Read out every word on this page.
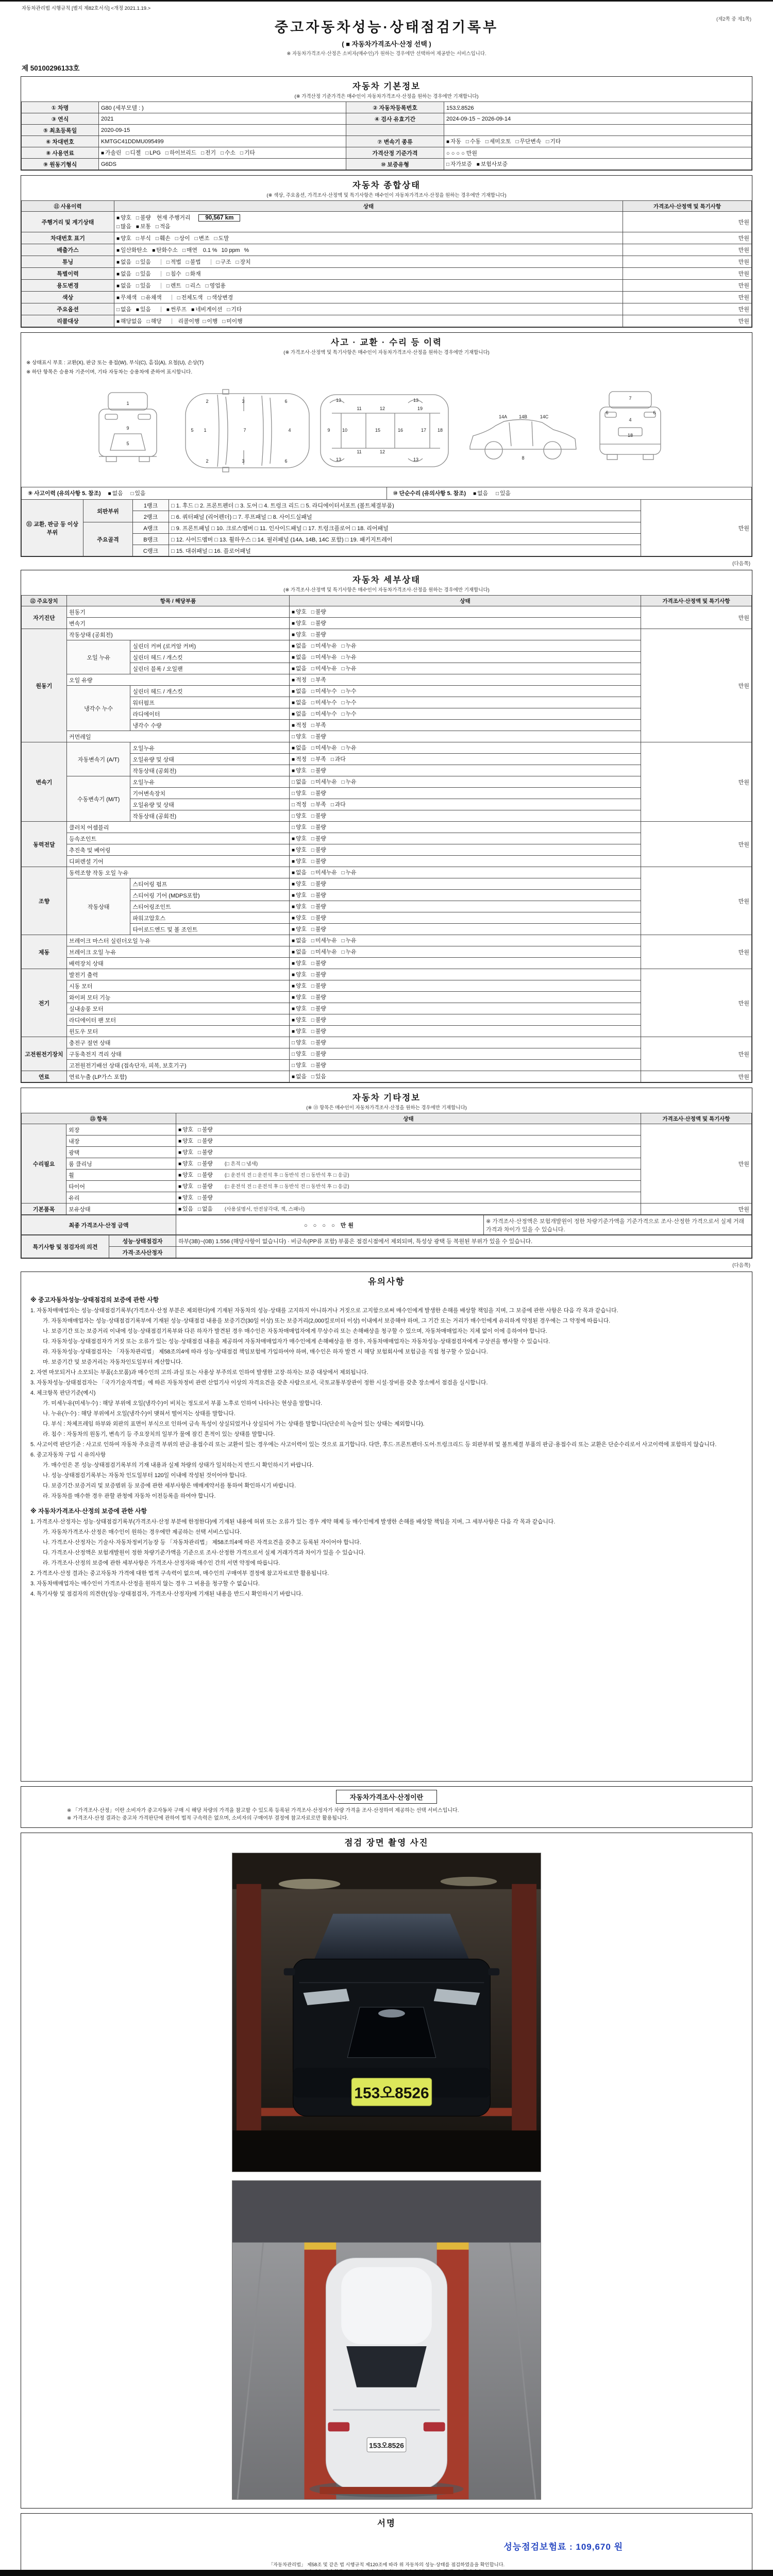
자동차관리법 시행규칙 [별지 제82호서식] <개정 2021.1.19.>
(제2쪽 중 제1쪽)
중고자동차성능·상태점검기록부
( ■ 자동차가격조사·산정 선택 )
※ 자동차가격조사·산정은 소비자(매수인)가 원하는 경우에만 선택하여 제공받는 서비스입니다.
제 50100296133호
자동차 기본정보
(※ 가격산정 기준가격은 매수인이 자동차가격조사·산정을 원하는 경우에만 기재합니다)
① 차명	G80 (세부모델 : )	② 자동차등록번호	153오8526
③ 연식	2021	④ 검사 유효기간	2024-09-15 ~ 2026-09-14
⑤ 최초등록일	2020-09-15		
⑥ 차대번호	KMTGC41DDMU095499	⑦ 변속기 종류	■ 자동 □ 수동 □ 세미오토 □ 무단변속 □ 기타
⑧ 사용연료	■ 가솔린 □ 디젤 □ LPG □ 하이브리드 □ 전기 □ 수소 □ 기타	가격산정 기준가격	○ ○ ○ ○ 만원
⑨ 원동기형식	G6DS	⑩ 보증유형	□ 자가보증 ■ 보험사보증
자동차 종합상태
(※ 색상, 주요옵션, 가격조사·산정액 및 특기사항은 매수인이 자동차가격조사·산정을 원하는 경우에만 기재합니다)
⑪ 사용이력	상태	가격조사·산정액 및 특기사항
주행거리 및 계기상태	■ 양호 □ 불량 현재 주행거리 90,567 km
□ 많음 ■ 보통 □ 적음	만원
차대번호 표기	■ 양호 □ 부식 □ 훼손 □ 상이 □ 변조 □ 도말	만원
배출가스	■ 일산화탄소 ■ 탄화수소 □ 매연 0.1 % 10 ppm %	만원
튜닝	■ 없음 □ 있음 □ 적법 □ 불법 □ 구조 □ 장치	만원
특별이력	■ 없음 □ 있음 □ 침수 □ 화재	만원
용도변경	■ 없음 □ 있음 □ 렌트 □ 리스 □ 영업용	만원
색상	■ 무채색 □ 유채색 □ 전체도색 □ 색상변경	만원
주요옵션	□ 없음 ■ 있음 ■ 썬루프 ■ 네비게이션 □ 기타	만원
리콜대상	■ 해당없음 □ 해당 리콜이행 □ 이행 □ 미이행	만원
사고 · 교환 · 수리 등 이력
(※ 가격조사·산정액 및 특기사항은 매수인이 자동차가격조사·산정을 원하는 경우에만 기재합니다)
※ 상태표시 부호 : 교환(X), 판금 또는 용접(W), 부식(C), 흠집(A), 요철(U), 손상(T)
※ 하단 항목은 승용차 기준이며, 기타 자동차는 승용차에 준하여 표시합니다.
1
9
5
1	7	4
2
2
3
3
6
6
5	9	10
11
11
12
12
13
13
13
13
15	16	17 18
19
14A	14B	14C
8
7
4
18
6	6
⑨ 사고이력 (유의사항 5. 참조) ■ 없음 □ 있음	⑩ 단순수리 (유의사항 5. 참조) ■ 없음 □ 있음
⑪ 교환, 판금 등 이상 부위	외판부위	1랭크	□ 1. 후드 □ 2. 프론트펜더 □ 3. 도어 □ 4. 트렁크 리드 □ 5. 라디에이터서포트 (볼트체결부품)	만원
		2랭크	□ 6. 쿼터패널 (리어펜더) □ 7. 루프패널 □ 8. 사이드실패널	
	주요골격	A랭크	□ 9. 프론트패널 □ 10. 크로스멤버 □ 11. 인사이드패널 □ 17. 트렁크플로어 □ 18. 리어패널	
		B랭크	□ 12. 사이드멤버 □ 13. 휠하우스 □ 14. 필러패널 (14A, 14B, 14C 포함) □ 19. 패키지트레이	
		C랭크	□ 15. 대쉬패널 □ 16. 플로어패널	
(다음쪽)
자동차 세부상태
(※ 가격조사·산정액 및 특기사항은 매수인이 자동차가격조사·산정을 원하는 경우에만 기재합니다)
⑫ 주요장치	항목 / 해당부품		상태	가격조사·산정액 및 특기사항
자기진단	원동기		■ 양호 □ 불량	만원
	변속기		■ 양호 □ 불량	
원동기	작동상태 (공회전)		■ 양호 □ 불량	만원
	오일 누유	실린더 커버 (로커암 커버)	■ 없음 □ 미세누유 □ 누유	
		실린더 헤드 / 개스킷	■ 없음 □ 미세누유 □ 누유	
		실린더 블록 / 오일팬	■ 없음 □ 미세누유 □ 누유	
	오일 유량		■ 적정 □ 부족	
	냉각수 누수	실린더 헤드 / 개스킷	■ 없음 □ 미세누수 □ 누수	
		워터펌프	■ 없음 □ 미세누수 □ 누수	
		라디에이터	■ 없음 □ 미세누수 □ 누수	
		냉각수 수량	■ 적정 □ 부족	
	커먼레일		□ 양호 □ 불량	
변속기	자동변속기 (A/T)	오일누유	■ 없음 □ 미세누유 □ 누유	만원
		오일유량 및 상태	■ 적정 □ 부족 □ 과다	
		작동상태 (공회전)	■ 양호 □ 불량	
	수동변속기 (M/T)	오일누유	□ 없음 □ 미세누유 □ 누유	
		기어변속장치	□ 양호 □ 불량	
		오일유량 및 상태	□ 적정 □ 부족 □ 과다	
		작동상태 (공회전)	□ 양호 □ 불량	
동력전달	클러치 어셈블리		□ 양호 □ 불량	만원
	등속조인트		■ 양호 □ 불량	
	추진축 및 베어링		■ 양호 □ 불량	
	디퍼렌셜 기어		■ 양호 □ 불량	
조향	동력조향 작동 오일 누유		■ 없음 □ 미세누유 □ 누유	만원
	작동상태	스티어링 펌프	■ 양호 □ 불량	
		스티어링 기어 (MDPS포함)	■ 양호 □ 불량	
		스티어링조인트	■ 양호 □ 불량	
		파워고압호스	■ 양호 □ 불량	
		타이로드엔드 및 볼 조인트	■ 양호 □ 불량	
제동	브레이크 마스터 실린더오일 누유		■ 없음 □ 미세누유 □ 누유	만원
	브레이크 오일 누유		■ 없음 □ 미세누유 □ 누유	
	배력장치 상태		■ 양호 □ 불량	
전기	발전기 출력		■ 양호 □ 불량	만원
	시동 모터		■ 양호 □ 불량	
	와이퍼 모터 기능		■ 양호 □ 불량	
	실내송풍 모터		■ 양호 □ 불량	
	라디에이터 팬 모터		■ 양호 □ 불량	
	윈도우 모터		■ 양호 □ 불량	
고전원전기장치	충전구 절연 상태		□ 양호 □ 불량	만원
	구동축전지 격리 상태		□ 양호 □ 불량	
	고전원전기배선 상태 (접속단자, 피복, 보호기구)		□ 양호 □ 불량	
연료	연료누출 (LP가스 포함)		■ 없음 □ 있음	만원
자동차 기타정보
(※ ⑬ 항목은 매수인이 자동차가격조사·산정을 원하는 경우에만 기재합니다)
⑬ 항목		상태	가격조사·산정액 및 특기사항
수리필요	외장	■ 양호 □ 불량	만원
	내장	■ 양호 □ 불량	
	광택	■ 양호 □ 불량	
	룸 클리닝	■ 양호 □ 불량 (□ 흔적 □ 냄새)	
	휠	■ 양호 □ 불량 (□ 운전석 전 □ 운전석 후 □ 동반석 전 □ 동반석 후 □ 응급)	
	타이어	■ 양호 □ 불량 (□ 운전석 전 □ 운전석 후 □ 동반석 전 □ 동반석 후 □ 응급)	
	유리	■ 양호 □ 불량	
기본품목	보유상태	■ 있음 □ 없음 (사용설명서, 안전삼각대, 잭, 스패너)	만원
최종 가격조사·산정 금액	○ ○ ○ ○ 만원	※ 가격조사·산정액은 보험개발원이 정한 차량기준가액을 기준가격으로 조사·산정한 가격으로서 실제 거래가격과 차이가 있을 수 있습니다.
특기사항 및 점검자의 의견	성능·상태점검자	하부(3B)~(0B) 1.556 (해당사항이 없습니다) · 비금속(PP류 포함) 부품은 점검시점에서 제외되며, 특성상 광택 등 복원된 부위가 있을 수 있습니다.
	가격·조사산정자	
(다음쪽)
유의사항
※ 중고자동차성능·상태점검의 보증에 관한 사항
1. 자동차매매업자는 성능·상태점검기록부(가격조사·산정 부분은 제외한다)에 기재된 자동차의 성능·상태를 고지하지 아니하거나 거짓으로 고지함으로써 매수인에게 발생한 손해를 배상할 책임을 지며, 그 보증에 관한 사항은 다음 각 목과 같습니다.
가. 자동차매매업자는 성능·상태점검기록부에 기재된 성능·상태점검 내용을 보증기간(30일 이상) 또는 보증거리(2,000킬로미터 이상) 이내에서 보증해야 하며, 그 기간 또는 거리가 매수인에게 유리하게 약정된 경우에는 그 약정에 따릅니다.
나. 보증기간 또는 보증거리 이내에 성능·상태점검기록부와 다른 하자가 발견된 경우 매수인은 자동차매매업자에게 무상수리 또는 손해배상을 청구할 수 있으며, 자동차매매업자는 지체 없이 이에 응하여야 합니다.
다. 자동차성능·상태점검자가 거짓 또는 오류가 있는 성능·상태점검 내용을 제공하여 자동차매매업자가 매수인에게 손해배상을 한 경우, 자동차매매업자는 자동차성능·상태점검자에게 구상권을 행사할 수 있습니다.
라. 자동차성능·상태점검자는 「자동차관리법」 제58조의4에 따라 성능·상태점검 책임보험에 가입하여야 하며, 매수인은 하자 발견 시 해당 보험회사에 보험금을 직접 청구할 수 있습니다.
마. 보증기간 및 보증거리는 자동차인도일부터 계산합니다.
2. 자연 마모되거나 소모되는 부품(소모품)과 매수인의 고의·과실 또는 사용상 부주의로 인하여 발생한 고장·하자는 보증 대상에서 제외됩니다.
3. 자동차성능·상태점검자는 「국가기술자격법」에 따른 자동차정비 관련 산업기사 이상의 자격요건을 갖춘 사람으로서, 국토교통부장관이 정한 시설·장비를 갖춘 장소에서 점검을 실시합니다.
4. 체크항목 판단기준(예시)
가. 미세누유(미세누수) : 해당 부위에 오일(냉각수)이 비치는 정도로서 부품 노후로 인하여 나타나는 현상을 말합니다.
나. 누유(누수) : 해당 부위에서 오일(냉각수)이 맺혀서 떨어지는 상태를 말합니다.
다. 부식 : 차체프레임 하부와 외판의 표면이 부식으로 인하여 금속 특성이 상실되었거나 상실되어 가는 상태를 말합니다(단순히 녹슬어 있는 상태는 제외합니다).
라. 침수 : 자동차의 원동기, 변속기 등 주요장치의 일부가 물에 잠긴 흔적이 있는 상태를 말합니다.
5. 사고이력 판단기준 : 사고로 인하여 자동차 주요골격 부위의 판금·용접수리 또는 교환이 있는 경우에는 사고이력이 있는 것으로 표기합니다. 다만, 후드·프론트펜더·도어·트렁크리드 등 외판부위 및 볼트체결 부품의 판금·용접수리 또는 교환은 단순수리로서 사고이력에 포함하지 않습니다.
6. 중고자동차 구입 시 유의사항
가. 매수인은 본 성능·상태점검기록부의 기재 내용과 실제 차량의 상태가 일치하는지 반드시 확인하시기 바랍니다.
나. 성능·상태점검기록부는 자동차 인도일부터 120일 이내에 작성된 것이어야 합니다.
다. 보증기간·보증거리 및 보증범위 등 보증에 관한 세부사항은 매매계약서를 통하여 확인하시기 바랍니다.
라. 자동차를 매수한 경우 관할 관청에 자동차 이전등록을 하여야 합니다.
※ 자동차가격조사·산정의 보증에 관한 사항
1. 가격조사·산정자는 성능·상태점검기록부(가격조사·산정 부분에 한정한다)에 기재된 내용에 허위 또는 오류가 있는 경우 계약 해제 등 매수인에게 발생한 손해를 배상할 책임을 지며, 그 세부사항은 다음 각 목과 같습니다.
가. 자동차가격조사·산정은 매수인이 원하는 경우에만 제공하는 선택 서비스입니다.
나. 가격조사·산정자는 기술사·자동차정비기능장 등 「자동차관리법」 제58조의4에 따른 자격요건을 갖추고 등록된 자이어야 합니다.
다. 가격조사·산정액은 보험개발원이 정한 차량기준가액을 기준으로 조사·산정한 가격으로서 실제 거래가격과 차이가 있을 수 있습니다.
라. 가격조사·산정의 보증에 관한 세부사항은 가격조사·산정자와 매수인 간의 서면 약정에 따릅니다.
2. 가격조사·산정 결과는 중고자동차 가격에 대한 법적 구속력이 없으며, 매수인의 구매여부 결정에 참고자료로만 활용됩니다.
3. 자동차매매업자는 매수인이 가격조사·산정을 원하지 않는 경우 그 비용을 청구할 수 없습니다.
4. 특기사항 및 점검자의 의견란(성능·상태점검자, 가격조사·산정자)에 기재된 내용을 반드시 확인하시기 바랍니다.
자동차가격조사·산정이란
※ 「가격조사·산정」이란 소비자가 중고자동차 구매 시 해당 차량의 가격을 참고할 수 있도록 등록된 가격조사·산정자가 차량 가격을 조사·산정하여 제공하는 선택 서비스입니다.
※ 가격조사·산정 결과는 중고차 가격판단에 관하여 법적 구속력은 없으며, 소비자의 구매여부 결정에 참고자료로만 활용됩니다.
점검 장면 촬영 사진
153오8526
153오8526
서명
성능점검보험료 : 109,670 원
「자동차관리법」 제58조 및 같은 법 시행규칙 제120조에 따라 위 자동차의 성능·상태를 점검하였음을 확인합니다.
